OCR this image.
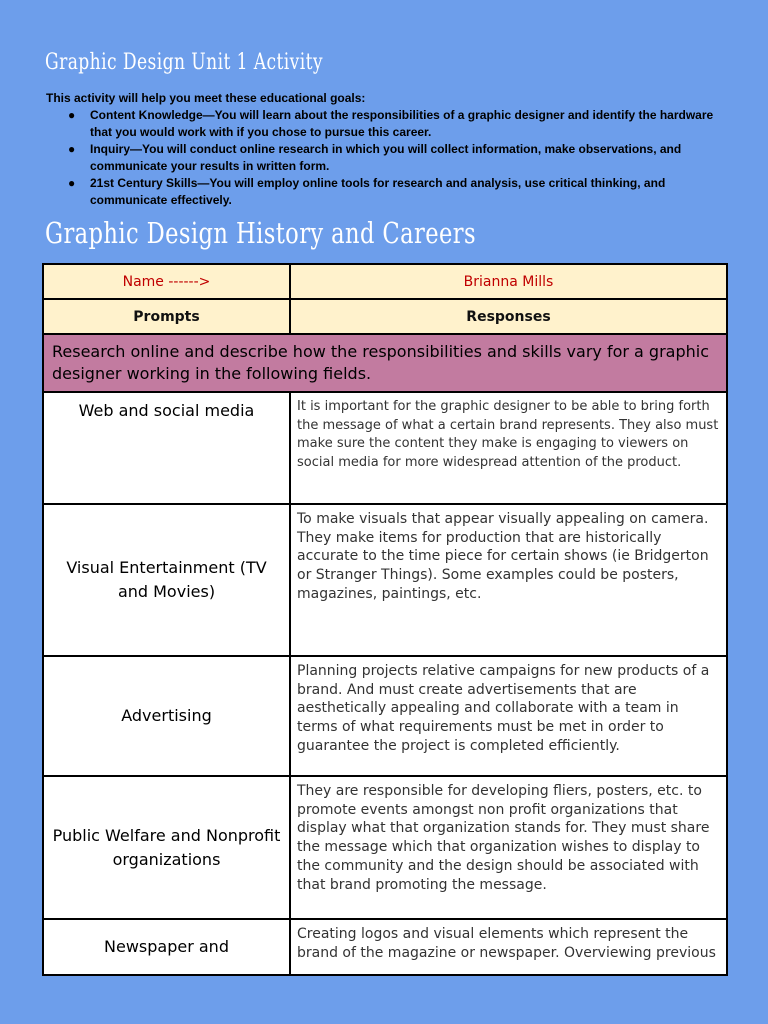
Graphic Design Unit 1 Activity
This activity will help you meet these educational goals:
● Content Knowledge—You will learn about the responsibilities of a graphic designer and identify the hardware that you would work with if you chose to pursue this career.
● Inquiry—You will conduct online research in which you will collect information, make observations, and communicate your results in written form.
● 21st Century Skills—You will employ online tools for research and analysis, use critical thinking, and communicate effectively.
Graphic Design History and Careers
Name ------>	Brianna Mills
Prompts	Responses
Research online and describe how the responsibilities and skills vary for a graphic designer working in the following fields.	
Web and social media	It is important for the graphic designer to be able to bring forth the message of what a certain brand represents. They also must make sure the content they make is engaging to viewers on social media for more widespread attention of the product.
Visual Entertainment (TV and Movies)	To make visuals that appear visually appealing on camera. They make items for production that are historically accurate to the time piece for certain shows (ie Bridgerton or Stranger Things). Some examples could be posters, magazines, paintings, etc.
Advertising	Planning projects relative campaigns for new products of a brand. And must create advertisements that are aesthetically appealing and collaborate with a team in terms of what requirements must be met in order to guarantee the project is completed efficiently.
Public Welfare and Nonprofit organizations	They are responsible for developing fliers, posters, etc. to promote events amongst non profit organizations that display what that organization stands for. They must share the message which that organization wishes to display to the community and the design should be associated with that brand promoting the message.
Newspaper and	Creating logos and visual elements which represent the brand of the magazine or newspaper. Overviewing previous
